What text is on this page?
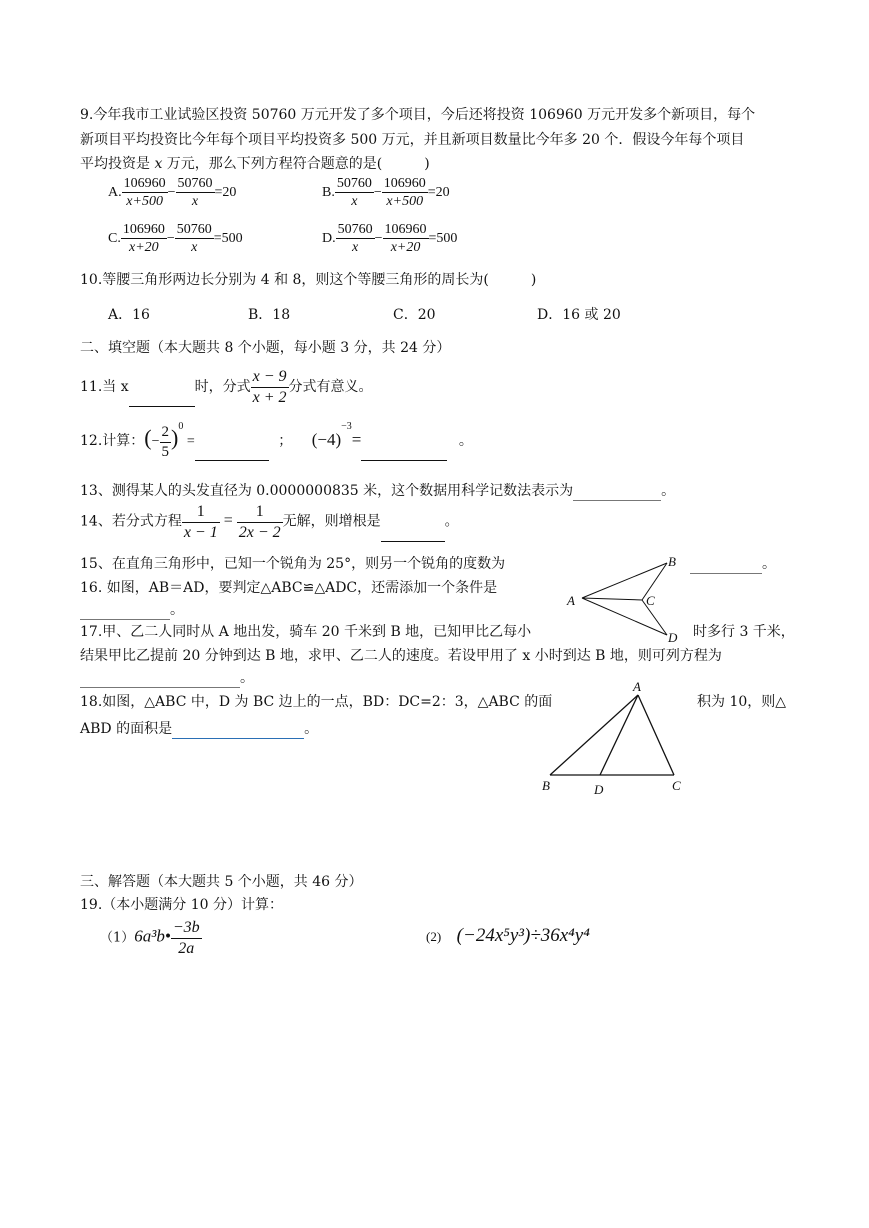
9.今年我市工业试验区投资 50760 万元开发了多个项目，今后还将投资 106960 万元开发多个新项目，每个
新项目平均投资比今年每个项目平均投资多 500 万元，并且新项目数量比今年多 20 个．假设今年每个项目
平均投资是 x 万元，那么下列方程符合题意的是(　　　)
A. $\frac{106960}{x+500} - \frac{50760}{x} =20$	B. $\frac{50760}{x} - \frac{106960}{x+500} =20$
C. $\frac{106960}{x+20} - \frac{50760}{x} =500$	D. $\frac{50760}{x} - \frac{106960}{x+20} =500$
10.等腰三角形两边长分别为 4 和 8，则这个等腰三角形的周长为(　　　)
A．16	B．18	C．20	D．16 或 20
二、填空题（本大题共 8 个小题，每小题 3 分，共 24 分）
11.当 x	时，分式 $\frac{x - 9}{x + 2}$ 分式有意义。
12.计算：(− $\frac{2}{5} )^0$ =	； $(-4)^{-3}=$	。
13、测得某人的头发直径为 0.0000000835 米，这个数据用科学记数法表示为	。
14、若分式方程 $\frac{1}{x - 1} = \frac{1}{2x - 2}$ 无解，则增根是	。
15、在直角三角形中，已知一个锐角为 25°，则另一个锐角的度数为	。
16. 如图，AB＝AD，要判定△ABC≌△ADC，还需添加一个条件是
。
A
B
C
D
17.甲、乙二人同时从 A 地出发，骑车 20 千米到 B 地，已知甲比乙每小	时多行 3 千米，
结果甲比乙提前 20 分钟到达 B 地，求甲、乙二人的速度。若设甲用了 x 小时到达 B 地，则可列方程为
。
18.如图，△ABC 中，D 为 BC 边上的一点，BD：DC=2：3，△ABC 的面	积为 10，则△
ABD 的面积是	。
A
B	D	C
三、解答题（本大题共 5 个小题，共 46 分）
19.（本小题满分 10 分）计算：
（1）6a³b• $\frac{-3b}{2a}$	(2) (−24x⁵y³)÷36x⁴y⁴
